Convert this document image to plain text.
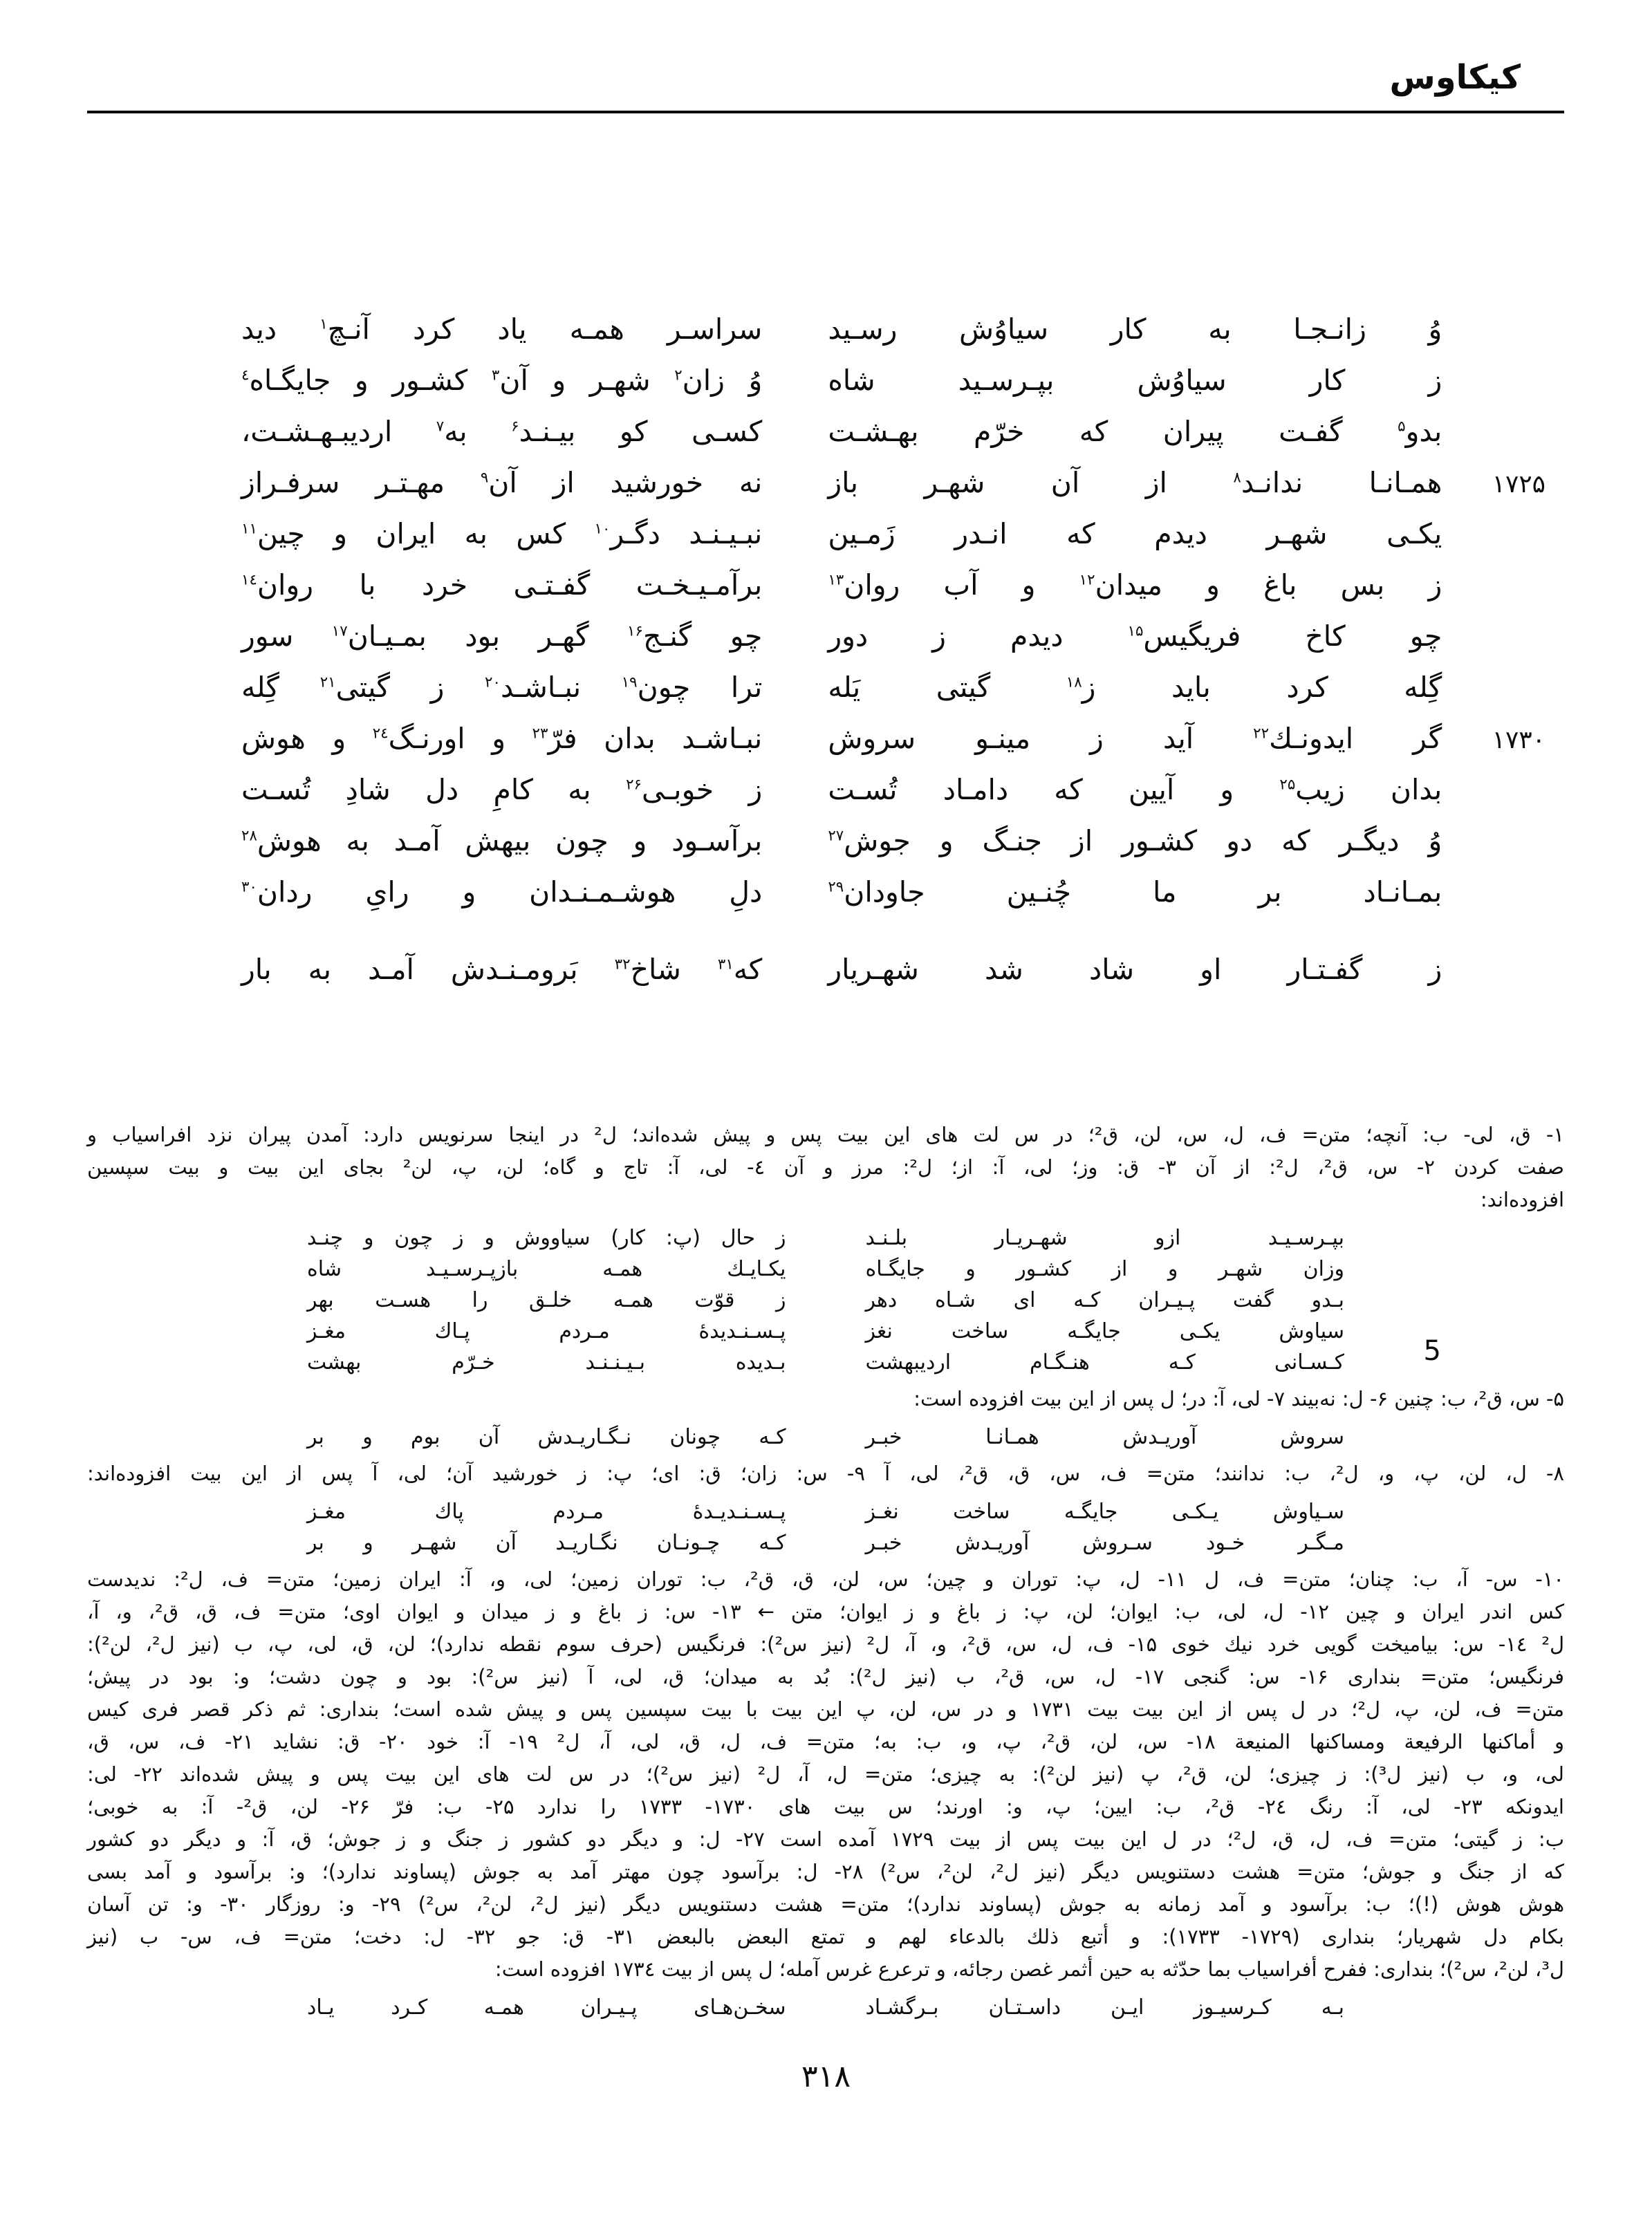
کیکاوس
وُ زانـجـا به کار سیاوُش رسـید
سراسـر همـه یاد کرد آنـچ$^۱$ دید
ز کار سیاوُش بپـرسـید شاه
وُ زان$^۲$ شهـر و آن$^۳$ کشـور و جایگـاه$^٤$
بدو$^۵$ گفـت پیران که خرّم بهـشـت
کسـی کو بیـنـد$^۶$ به$^۷$ اردیبـهـشـت،
۱۷۲۵
همـانـا ندانـد$^۸$ از آن شهـر باز
نه خورشید از آن$^۹$ مهـتـر سرفـراز
یکـی شهـر دیدم که انـدر زَمـین
نبـیـنـد دگـر$^{۱۰}$ کس به ایران و چین$^{۱۱}$
ز بس باغ و میدان$^{۱۲}$ و آب روان$^{۱۳}$
برآمـیـخـت گفـتـی خرد با روان$^{۱٤}$
چو کاخ فریگیس$^{۱۵}$ دیدم ز دور
چو گنـج$^{۱۶}$ گهـر بود بمـیـان$^{۱۷}$ سور
گِله کرد باید ز$^{۱۸}$ گیتی یَله
ترا چون$^{۱۹}$ نبـاشـد$^{۲۰}$ ز گیتی$^{۲۱}$ گِله
۱۷۳۰
گر ایدونـك$^{۲۲}$ آید ز مینـو سروش
نبـاشـد بدان فرّ$^{۲۳}$ و اورنـگ$^{۲٤}$ و هوش
بدان زیب$^{۲۵}$ و آیین که دامـاد تُسـت
ز خوبـی$^{۲۶}$ به کامِ دل شادِ تُسـت
وُ دیگـر که دو کشـور از جنـگ و جوش$^{۲۷}$
برآسـود و چون بیهش آمـد به هوش$^{۲۸}$
بمـانـاد بر ما چُنـین جاودان$^{۲۹}$
دلِ هوشـمـنـدان و رایِ ردان$^{۳۰}$
ز گفـتـار او شاد شد شهـریار
که$^{۳۱}$ شاخ$^{۳۲}$ بَرومـنـدش آمـد به بار
۱- ق، لی- ب: آنچه؛ متن= ف، ل، س، لن، ق²؛ در س لت های این بیت پس و پیش شده‌اند؛ ل² در اینجا سرنویس دارد: آمدن پیران نزد افراسیاب و
صفت کردن ۲- س، ق²، ل²: از آن ۳- ق: وز؛ لی، آ: از؛ ل²: مرز و آن ٤- لی، آ: تاج و گاه؛ لن، پ، لن² بجای این بیت و بیت سپسین
افزوده‌اند:
بپـرسـیـد ازو شهـریـار بلـنـد
ز حال (پ: کار) سیاووش و ز چون و چنـد
وزان شهـر و از کشـور و جایگـاه
یکـایـك همـه بازپـرسـیـد شاه
بـدو گفت پـیـران کـه ای شـاه دهر
ز قوّت همـه خلـق را هسـت بهر
سیاوش یکـی جایگـه ساخت نغز
پـسـنـدیدهٔ مـردم پـاك مغـز
کـسـانی کـه هنـگـام اردیبهشت
بـدیده بـیـنـنـد خـرّم بهشت	5
۵- س، ق²، ب: چنین ۶- ل: نه‌بیند ۷- لی، آ: در؛ ل پس از این بیت افزوده است:
سروش آوریـدش همـانـا خبـر
کـه چونان نـگـاریـدش آن بوم و بر
۸- ل، لن، پ، و، ل²، ب: ندانند؛ متن= ف، س، ق، ق²، لی، آ ۹- س: زان؛ ق: ای؛ پ: ز خورشید آن؛ لی، آ پس از این بیت افزوده‌اند:
سـیاوش یـکـی جایگـه ساخت نغـز
پـسـنـدیـدهٔ مـردم پاك مغـز
مـگـر خـود سـروش آوریـدش خبـر
کـه چـونـان نگـاریـد آن شهـر و بر
۱۰- س- آ، ب: چنان؛ متن= ف، ل ۱۱- ل، پ: توران و چین؛ س، لن، ق، ق²، ب: توران زمین؛ لی، و، آ: ایران زمین؛ متن= ف، ل²: ندیدست
کس اندر ایران و چین ۱۲- ل، لی، ب: ایوان؛ لن، پ: ز باغ و ز ایوان؛ متن ← ۱۳- س: ز باغ و ز میدان و ایوان اوی؛ متن= ف، ق، ق²، و، آ،
ل² ۱٤- س: بیامیخت گویی خرد نیك خوی ۱۵- ف، ل، س، ق²، و، آ، ل² (نیز س²): فرنگیس (حرف سوم نقطه ندارد)؛ لن، ق، لی، پ، ب (نیز ل²، لن²):
فرنگیس؛ متن= بنداری ۱۶- س: گنجی ۱۷- ل، س، ق²، ب (نیز ل²): بُد به میدان؛ ق، لی، آ (نیز س²): بود و چون دشت؛ و: بود در پیش؛
متن= ف، لن، پ، ل²؛ در ل پس از این بیت بیت ۱۷۳۱ و در س، لن، پ این بیت با بیت سپسین پس و پیش شده است؛ بنداری: ثم ذکر قصر فری کیس
و أماکنها الرفیعة ومساکنها المنیعة ۱۸- س، لن، ق²، پ، و، ب: به؛ متن= ف، ل، ق، لی، آ، ل² ۱۹- آ: خود ۲۰- ق: نشاید ۲۱- ف، س، ق،
لی، و، ب (نیز ل³): ز چیزی؛ لن، ق²، پ (نیز لن²): به چیزی؛ متن= ل، آ، ل² (نیز س²)؛ در س لت های این بیت پس و پیش شده‌اند ۲۲- لی:
ایدونکه ۲۳- لی، آ: رنگ ۲٤- ق²، ب: ایین؛ پ، و: اورند؛ س بیت های ۱۷۳۰- ۱۷۳۳ را ندارد ۲۵- ب: فرّ ۲۶- لن، ق²- آ: به خوبی؛
ب: ز گیتی؛ متن= ف، ل، ق، ل²؛ در ل این بیت پس از بیت ۱۷۲۹ آمده است ۲۷- ل: و دیگر دو کشور ز جنگ و ز جوش؛ ق، آ: و دیگر دو کشور
که از جنگ و جوش؛ متن= هشت دستنویس دیگر (نیز ل²، لن²، س²) ۲۸- ل: برآسود چون مهتر آمد به جوش (پساوند ندارد)؛ و: برآسود و آمد بسی
هوش هوش (!)؛ ب: برآسود و آمد زمانه به جوش (پساوند ندارد)؛ متن= هشت دستنویس دیگر (نیز ل²، لن²، س²) ۲۹- و: روزگار ۳۰- و: تن آسان
بکام دل شهریار؛ بنداری (۱۷۲۹- ۱۷۳۳): و أتبع ذلك بالدعاء لهم و تمتع البعض بالبعض ۳۱- ق: جو ۳۲- ل: دخت؛ متن= ف، س- ب (نیز
ل³، لن²، س²)؛ بنداری: ففرح أفراسیاب بما حدّثه به حین أثمر غصن رجائه، و ترعرع غرس آمله؛ ل پس از بیت ۱۷۳٤ افزوده است:
بـه کـرسیـوز ایـن داسـتـان بـرگشـاد
سخـن‌هـای پـیـران همـه کـرد یـاد
۳۱۸
